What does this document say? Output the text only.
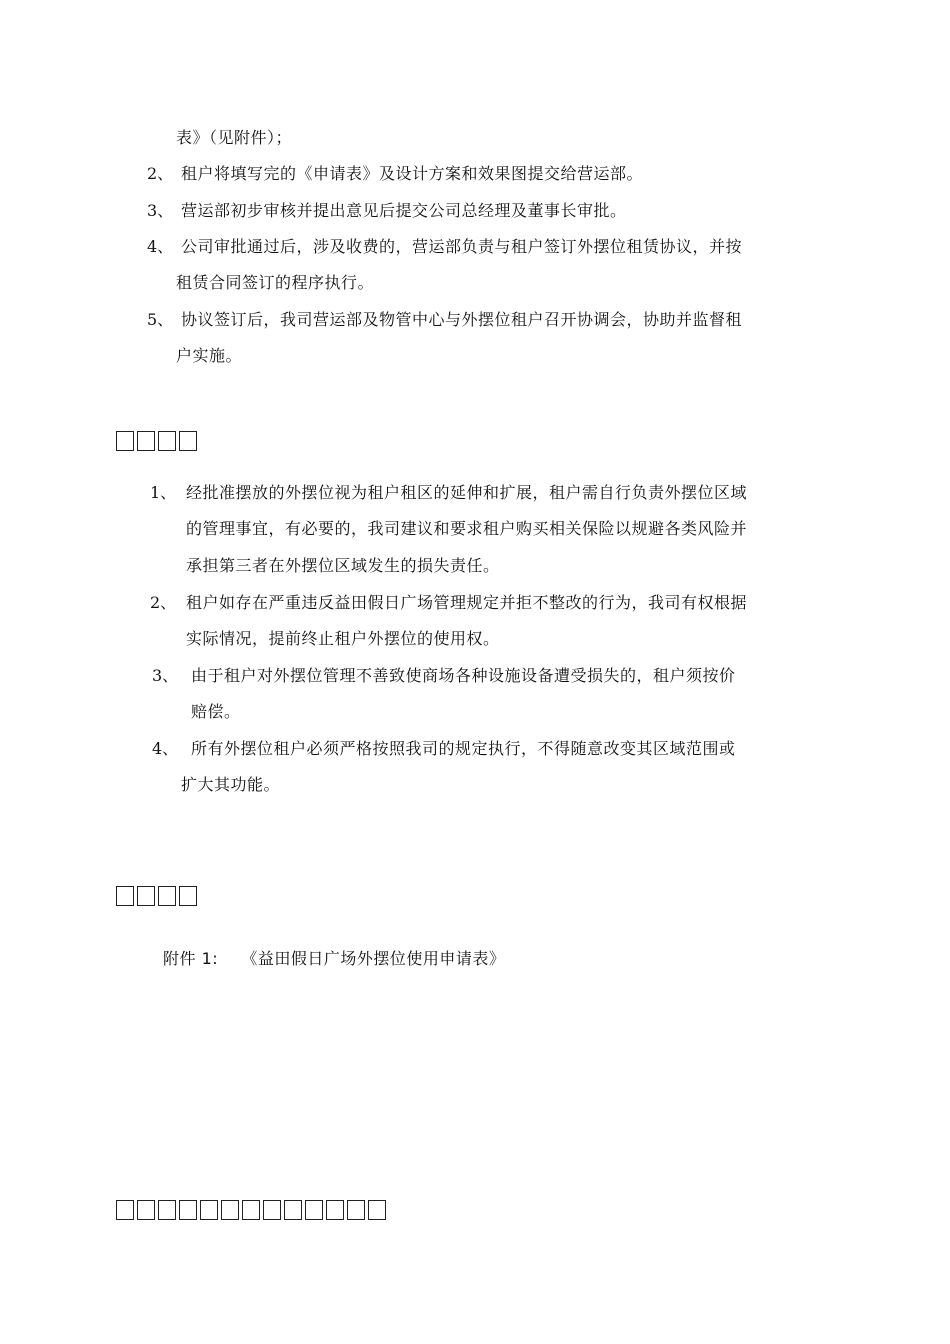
表》（见附件）；
2、 租户将填写完的《申请表》及设计方案和效果图提交给营运部。
3、 营运部初步审核并提出意见后提交公司总经理及董事长审批。
4、 公司审批通过后，涉及收费的，营运部负责与租户签订外摆位租赁协议，并按
租赁合同签订的程序执行。
5、 协议签订后，我司营运部及物管中心与外摆位租户召开协调会，协助并监督租
户实施。
1、 经批准摆放的外摆位视为租户租区的延伸和扩展，租户需自行负责外摆位区域
的管理事宜，有必要的，我司建议和要求租户购买相关保险以规避各类风险并
承担第三者在外摆位区域发生的损失责任。
2、 租户如存在严重违反益田假日广场管理规定并拒不整改的行为，我司有权根据
实际情况，提前终止租户外摆位的使用权。
3、 由于租户对外摆位管理不善致使商场各种设施设备遭受损失的，租户须按价
赔偿。
4、 所有外摆位租户必须严格按照我司的规定执行，不得随意改变其区域范围或
扩大其功能。
附件 1: 《益田假日广场外摆位使用申请表》
